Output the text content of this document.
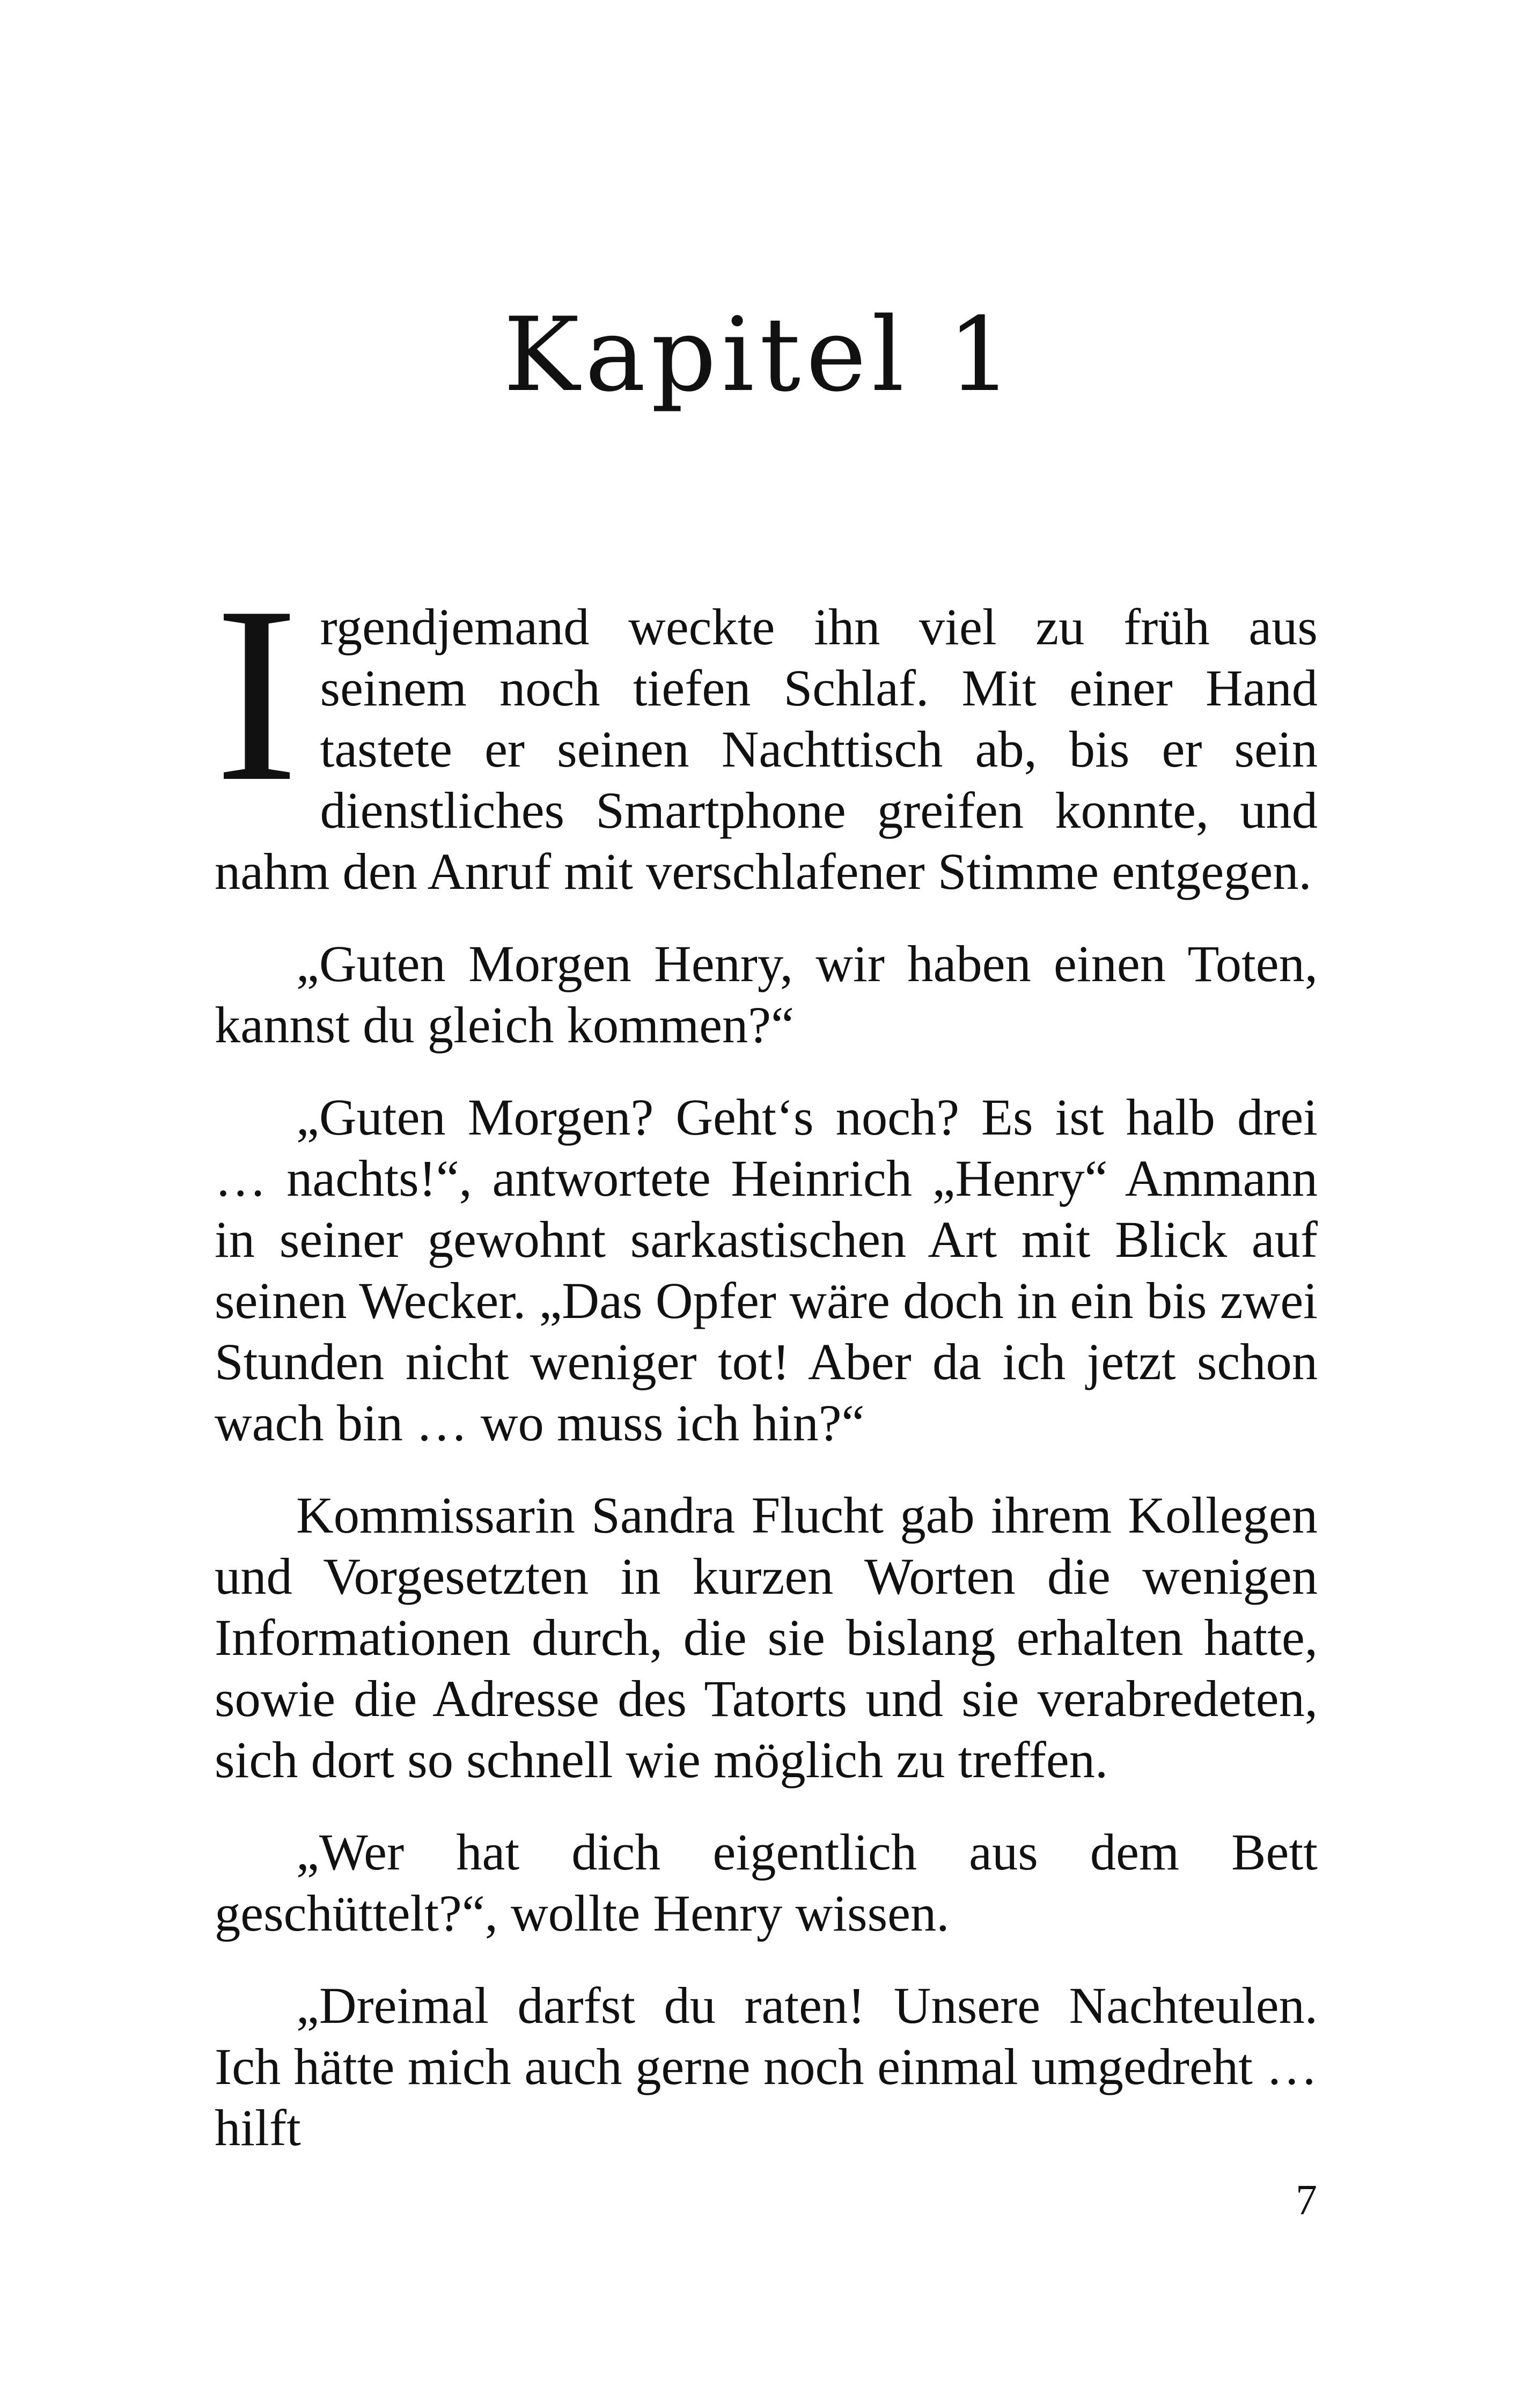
Kapitel 1

Irgendjemand weckte ihn viel zu früh aus seinem noch tiefen Schlaf. Mit einer Hand tastete er seinen Nachttisch ab, bis er sein dienstliches Smartphone greifen konnte, und nahm den Anruf mit verschlafener Stimme entgegen.

„Guten Morgen Henry, wir haben einen Toten, kannst du gleich kommen?“

„Guten Morgen? Geht‘s noch? Es ist halb drei … nachts!“, antwortete Heinrich „Henry“ Ammann in seiner gewohnt sarkastischen Art mit Blick auf seinen Wecker. „Das Opfer wäre doch in ein bis zwei Stunden nicht weniger tot! Aber da ich jetzt schon wach bin … wo muss ich hin?“

Kommissarin Sandra Flucht gab ihrem Kollegen und Vorgesetzten in kurzen Worten die wenigen Informationen durch, die sie bislang erhalten hatte, sowie die Adresse des Tatorts und sie verabredeten, sich dort so schnell wie möglich zu treffen.

„Wer hat dich eigentlich aus dem Bett geschüttelt?“, wollte Henry wissen.

„Dreimal darfst du raten! Unsere Nachteulen. Ich hätte mich auch gerne noch einmal umgedreht … hilft

7
